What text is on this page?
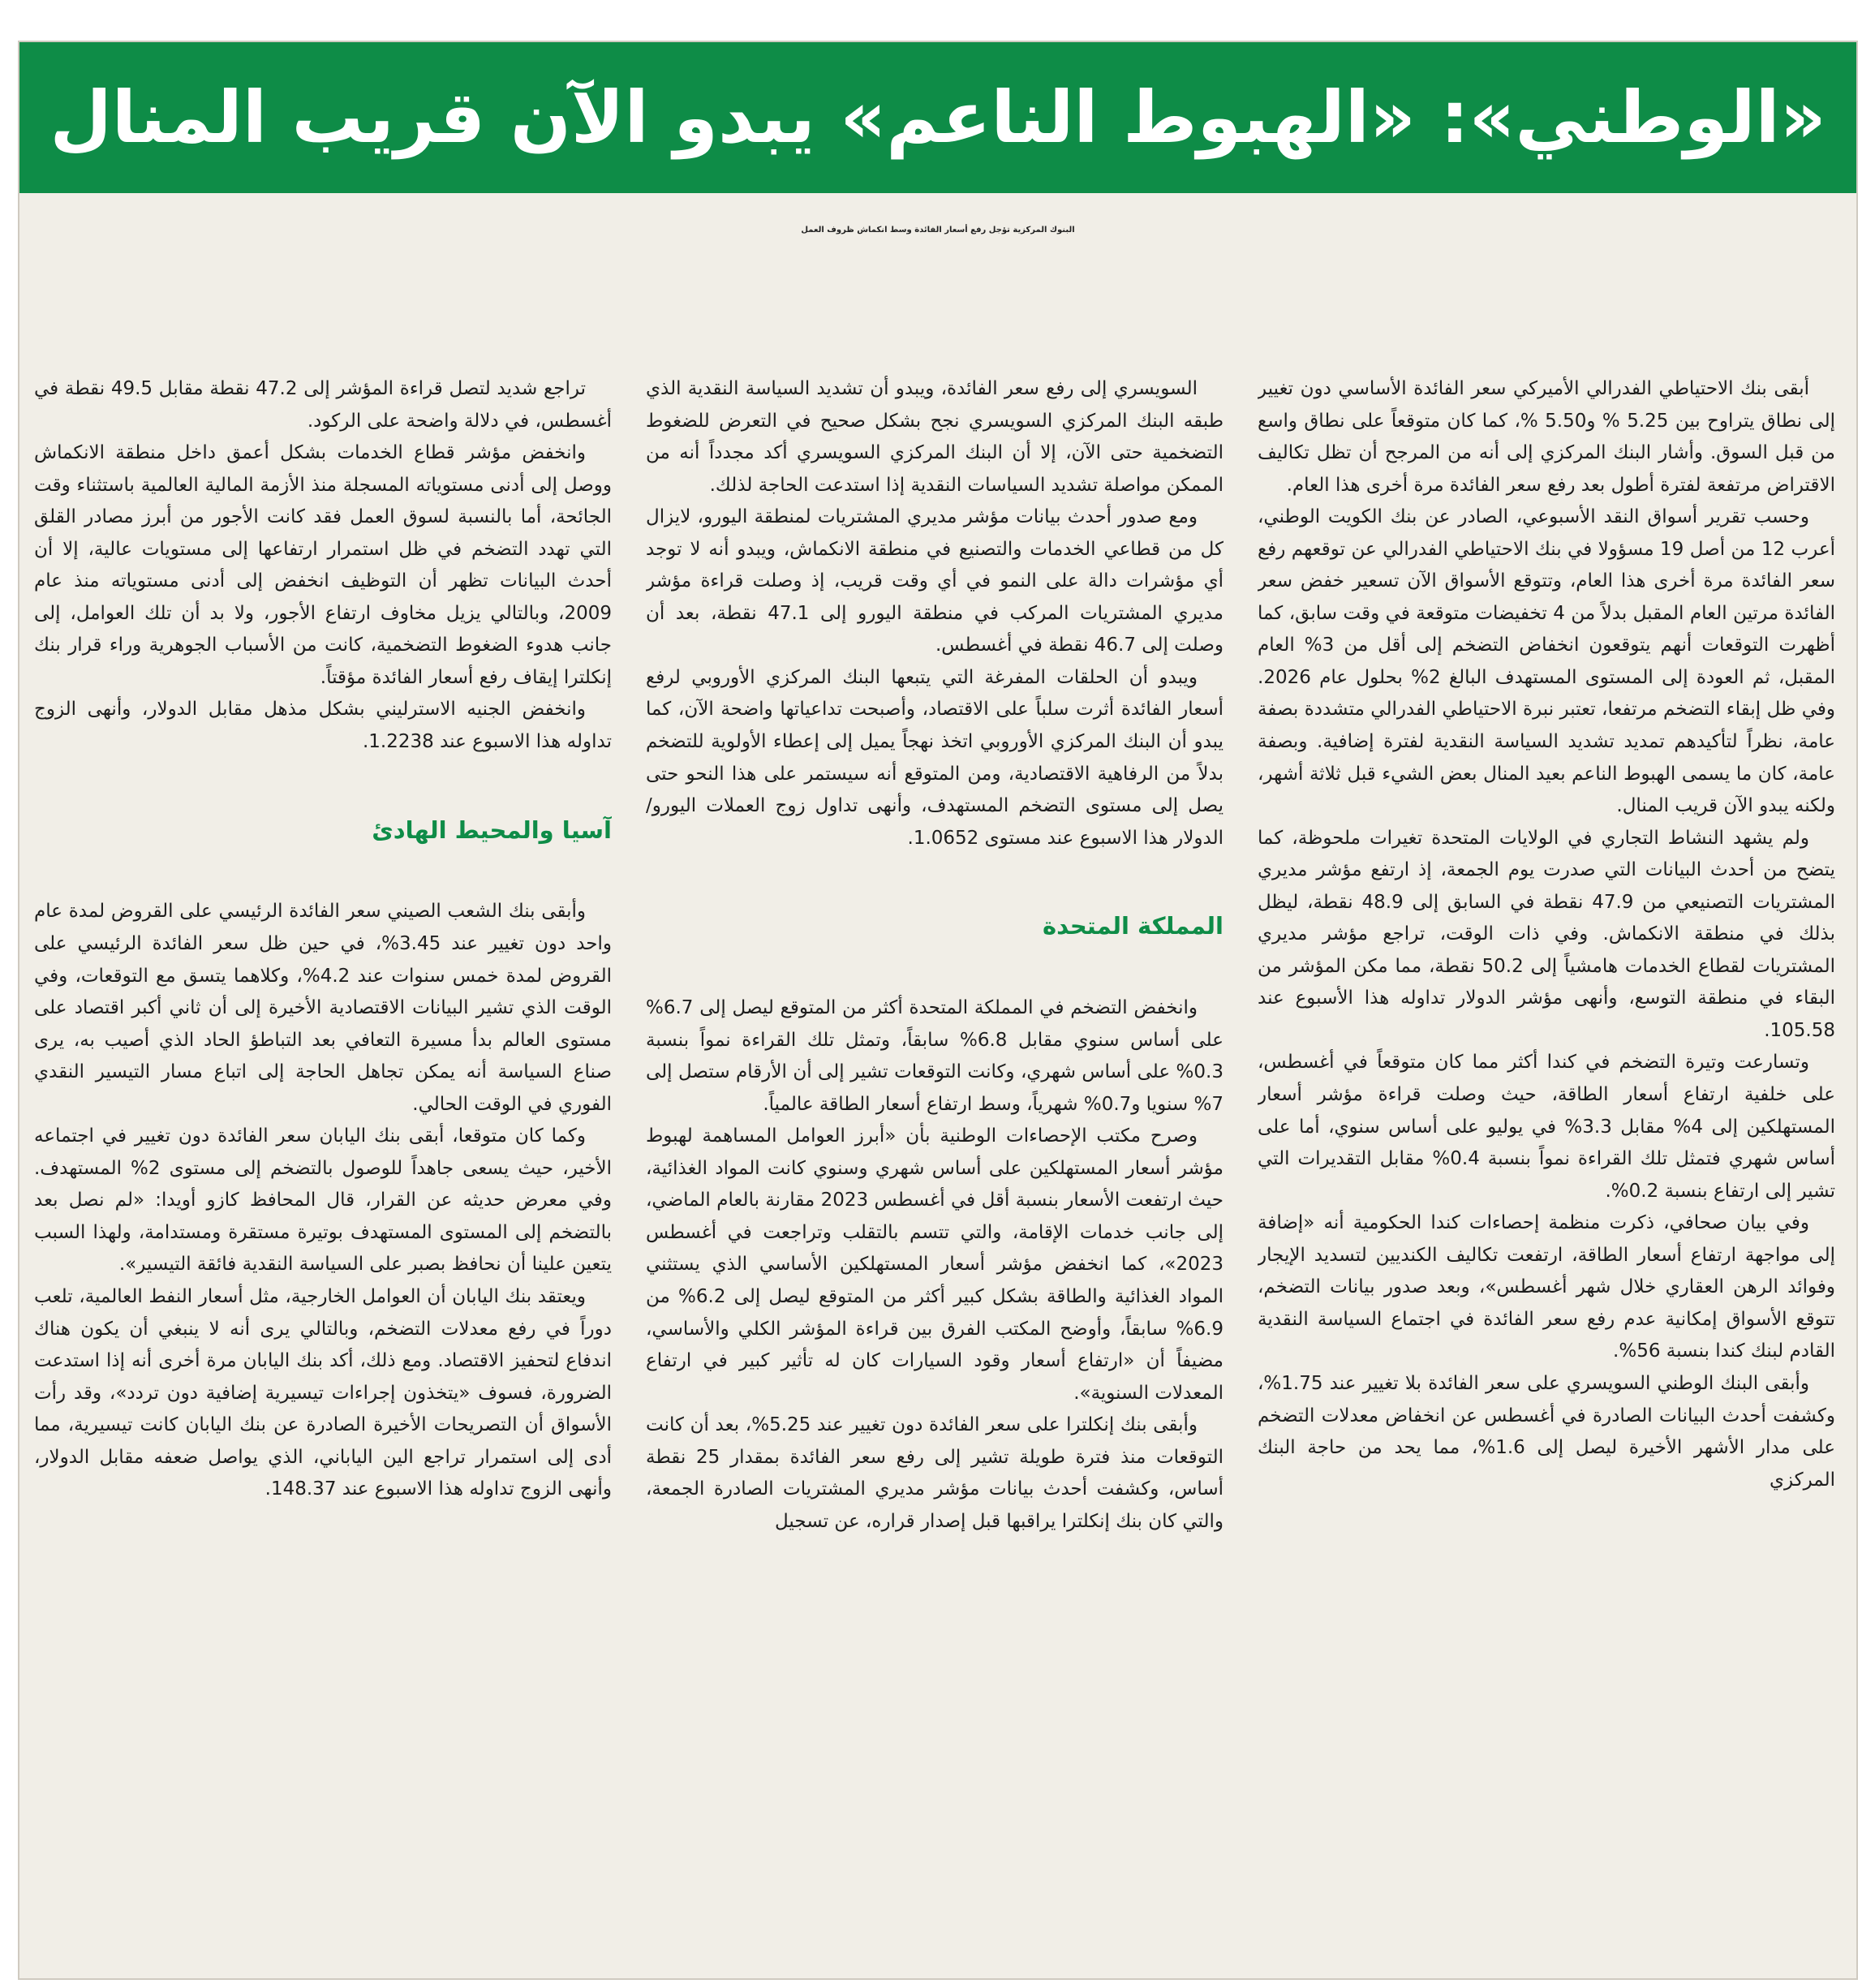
«الوطني»: «الهبوط الناعم» يبدو الآن قريب المنال
البنوك المركزية تؤجل رفع أسعار الفائدة وسط انكماش ظروف العمل

أبقى بنك الاحتياطي الفدرالي الأميركي سعر الفائدة الأساسي دون تغيير إلى نطاق يتراوح بين 5.25 % و5.50 %، كما كان متوقعاً على نطاق واسع من قبل السوق. وأشار البنك المركزي إلى أنه من المرجح أن تظل تكاليف الاقتراض مرتفعة لفترة أطول بعد رفع سعر الفائدة مرة أخرى هذا العام.

وحسب تقرير أسواق النقد الأسبوعي، الصادر عن بنك الكويت الوطني، أعرب 12 من أصل 19 مسؤولا في بنك الاحتياطي الفدرالي عن توقعهم رفع سعر الفائدة مرة أخرى هذا العام، وتتوقع الأسواق الآن تسعير خفض سعر الفائدة مرتين العام المقبل بدلاً من 4 تخفيضات متوقعة في وقت سابق، كما أظهرت التوقعات أنهم يتوقعون انخفاض التضخم إلى أقل من 3% العام المقبل، ثم العودة إلى المستوى المستهدف البالغ 2% بحلول عام 2026. وفي ظل إبقاء التضخم مرتفعا، تعتبر نبرة الاحتياطي الفدرالي متشددة بصفة عامة، نظراً لتأكيدهم تمديد تشديد السياسة النقدية لفترة إضافية. وبصفة عامة، كان ما يسمى الهبوط الناعم بعيد المنال بعض الشيء قبل ثلاثة أشهر، ولكنه يبدو الآن قريب المنال.

ولم يشهد النشاط التجاري في الولايات المتحدة تغيرات ملحوظة، كما يتضح من أحدث البيانات التي صدرت يوم الجمعة، إذ ارتفع مؤشر مديري المشتريات التصنيعي من 47.9 نقطة في السابق إلى 48.9 نقطة، ليظل بذلك في منطقة الانكماش. وفي ذات الوقت، تراجع مؤشر مديري المشتريات لقطاع الخدمات هامشياً إلى 50.2 نقطة، مما مكن المؤشر من البقاء في منطقة التوسع، وأنهى مؤشر الدولار تداوله هذا الأسبوع عند 105.58.

وتسارعت وتيرة التضخم في كندا أكثر مما كان متوقعاً في أغسطس، على خلفية ارتفاع أسعار الطاقة، حيث وصلت قراءة مؤشر أسعار المستهلكين إلى 4% مقابل 3.3% في يوليو على أساس سنوي، أما على أساس شهري فتمثل تلك القراءة نمواً بنسبة 0.4% مقابل التقديرات التي تشير إلى ارتفاع بنسبة 0.2%.

وفي بيان صحافي، ذكرت منظمة إحصاءات كندا الحكومية أنه «إضافة إلى مواجهة ارتفاع أسعار الطاقة، ارتفعت تكاليف الكنديين لتسديد الإيجار وفوائد الرهن العقاري خلال شهر أغسطس»، وبعد صدور بيانات التضخم، تتوقع الأسواق إمكانية عدم رفع سعر الفائدة في اجتماع السياسة النقدية القادم لبنك كندا بنسبة 56%.

وأبقى البنك الوطني السويسري على سعر الفائدة بلا تغيير عند 1.75%، وكشفت أحدث البيانات الصادرة في أغسطس عن انخفاض معدلات التضخم على مدار الأشهر الأخيرة ليصل إلى 1.6%، مما يحد من حاجة البنك المركزي

السويسري إلى رفع سعر الفائدة، ويبدو أن تشديد السياسة النقدية الذي طبقه البنك المركزي السويسري نجح بشكل صحيح في التعرض للضغوط التضخمية حتى الآن، إلا أن البنك المركزي السويسري أكد مجدداً أنه من الممكن مواصلة تشديد السياسات النقدية إذا استدعت الحاجة لذلك.

ومع صدور أحدث بيانات مؤشر مديري المشتريات لمنطقة اليورو، لايزال كل من قطاعي الخدمات والتصنيع في منطقة الانكماش، ويبدو أنه لا توجد أي مؤشرات دالة على النمو في أي وقت قريب، إذ وصلت قراءة مؤشر مديري المشتريات المركب في منطقة اليورو إلى 47.1 نقطة، بعد أن وصلت إلى 46.7 نقطة في أغسطس.

ويبدو أن الحلقات المفرغة التي يتبعها البنك المركزي الأوروبي لرفع أسعار الفائدة أثرت سلباً على الاقتصاد، وأصبحت تداعياتها واضحة الآن، كما يبدو أن البنك المركزي الأوروبي اتخذ نهجاً يميل إلى إعطاء الأولوية للتضخم بدلاً من الرفاهية الاقتصادية، ومن المتوقع أنه سيستمر على هذا النحو حتى يصل إلى مستوى التضخم المستهدف، وأنهى تداول زوج العملات اليورو/الدولار هذا الاسبوع عند مستوى 1.0652.

المملكة المتحدة

وانخفض التضخم في المملكة المتحدة أكثر من المتوقع ليصل إلى 6.7% على أساس سنوي مقابل 6.8% سابقاً، وتمثل تلك القراءة نمواً بنسبة 0.3% على أساس شهري، وكانت التوقعات تشير إلى أن الأرقام ستصل إلى 7% سنويا و0.7% شهرياً، وسط ارتفاع أسعار الطاقة عالمياً.

وصرح مكتب الإحصاءات الوطنية بأن «أبرز العوامل المساهمة لهبوط مؤشر أسعار المستهلكين على أساس شهري وسنوي كانت المواد الغذائية، حيث ارتفعت الأسعار بنسبة أقل في أغسطس 2023 مقارنة بالعام الماضي، إلى جانب خدمات الإقامة، والتي تتسم بالتقلب وتراجعت في أغسطس 2023»، كما انخفض مؤشر أسعار المستهلكين الأساسي الذي يستثني المواد الغذائية والطاقة بشكل كبير أكثر من المتوقع ليصل إلى 6.2% من 6.9% سابقاً، وأوضح المكتب الفرق بين قراءة المؤشر الكلي والأساسي، مضيفاً أن «ارتفاع أسعار وقود السيارات كان له تأثير كبير في ارتفاع المعدلات السنوية».

وأبقى بنك إنكلترا على سعر الفائدة دون تغيير عند 5.25%، بعد أن كانت التوقعات منذ فترة طويلة تشير إلى رفع سعر الفائدة بمقدار 25 نقطة أساس، وكشفت أحدث بيانات مؤشر مديري المشتريات الصادرة الجمعة، والتي كان بنك إنكلترا يراقبها قبل إصدار قراره، عن تسجيل

تراجع شديد لتصل قراءة المؤشر إلى 47.2 نقطة مقابل 49.5 نقطة في أغسطس، في دلالة واضحة على الركود.

وانخفض مؤشر قطاع الخدمات بشكل أعمق داخل منطقة الانكماش ووصل إلى أدنى مستوياته المسجلة منذ الأزمة المالية العالمية باستثناء وقت الجائحة، أما بالنسبة لسوق العمل فقد كانت الأجور من أبرز مصادر القلق التي تهدد التضخم في ظل استمرار ارتفاعها إلى مستويات عالية، إلا أن أحدث البيانات تظهر أن التوظيف انخفض إلى أدنى مستوياته منذ عام 2009، وبالتالي يزيل مخاوف ارتفاع الأجور، ولا بد أن تلك العوامل، إلى جانب هدوء الضغوط التضخمية، كانت من الأسباب الجوهرية وراء قرار بنك إنكلترا إيقاف رفع أسعار الفائدة مؤقتاً.

وانخفض الجنيه الاسترليني بشكل مذهل مقابل الدولار، وأنهى الزوج تداوله هذا الاسبوع عند 1.2238.

آسيا والمحيط الهادئ

وأبقى بنك الشعب الصيني سعر الفائدة الرئيسي على القروض لمدة عام واحد دون تغيير عند 3.45%، في حين ظل سعر الفائدة الرئيسي على القروض لمدة خمس سنوات عند 4.2%، وكلاهما يتسق مع التوقعات، وفي الوقت الذي تشير البيانات الاقتصادية الأخيرة إلى أن ثاني أكبر اقتصاد على مستوى العالم بدأ مسيرة التعافي بعد التباطؤ الحاد الذي أصيب به، يرى صناع السياسة أنه يمكن تجاهل الحاجة إلى اتباع مسار التيسير النقدي الفوري في الوقت الحالي.

وكما كان متوقعا، أبقى بنك اليابان سعر الفائدة دون تغيير في اجتماعه الأخير، حيث يسعى جاهداً للوصول بالتضخم إلى مستوى 2% المستهدف. وفي معرض حديثه عن القرار، قال المحافظ كازو أويدا: «لم نصل بعد بالتضخم إلى المستوى المستهدف بوتيرة مستقرة ومستدامة، ولهذا السبب يتعين علينا أن نحافظ بصبر على السياسة النقدية فائقة التيسير».

ويعتقد بنك اليابان أن العوامل الخارجية، مثل أسعار النفط العالمية، تلعب دوراً في رفع معدلات التضخم، وبالتالي يرى أنه لا ينبغي أن يكون هناك اندفاع لتحفيز الاقتصاد. ومع ذلك، أكد بنك اليابان مرة أخرى أنه إذا استدعت الضرورة، فسوف «يتخذون إجراءات تيسيرية إضافية دون تردد»، وقد رأت الأسواق أن التصريحات الأخيرة الصادرة عن بنك اليابان كانت تيسيرية، مما أدى إلى استمرار تراجع الين الياباني، الذي يواصل ضعفه مقابل الدولار، وأنهى الزوج تداوله هذا الاسبوع عند 148.37.
